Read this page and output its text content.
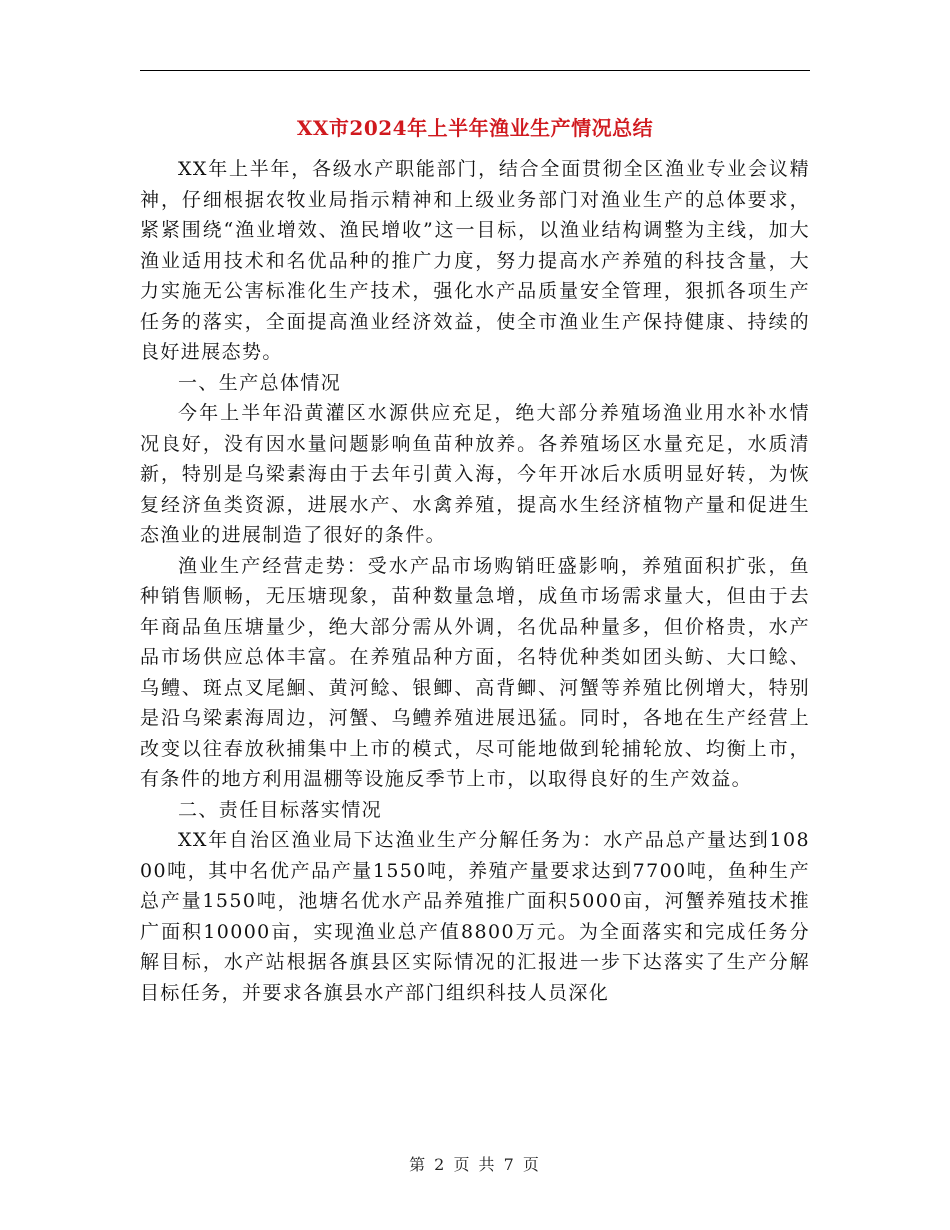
XX市2024年上半年渔业生产情况总结

XX年上半年，各级水产职能部门，结合全面贯彻全区渔业专业会议精神，仔细根据农牧业局指示精神和上级业务部门对渔业生产的总体要求，紧紧围绕“渔业增效、渔民增收”这一目标，以渔业结构调整为主线，加大渔业适用技术和名优品种的推广力度，努力提高水产养殖的科技含量，大力实施无公害标准化生产技术，强化水产品质量安全管理，狠抓各项生产任务的落实，全面提高渔业经济效益，使全市渔业生产保持健康、持续的良好进展态势。

一、生产总体情况

今年上半年沿黄灌区水源供应充足，绝大部分养殖场渔业用水补水情况良好，没有因水量问题影响鱼苗种放养。各养殖场区水量充足，水质清新，特别是乌梁素海由于去年引黄入海，今年开冰后水质明显好转，为恢复经济鱼类资源，进展水产、水禽养殖，提高水生经济植物产量和促进生态渔业的进展制造了很好的条件。

渔业生产经营走势：受水产品市场购销旺盛影响，养殖面积扩张，鱼种销售顺畅，无压塘现象，苗种数量急增，成鱼市场需求量大，但由于去年商品鱼压塘量少，绝大部分需从外调，名优品种量多，但价格贵，水产品市场供应总体丰富。在养殖品种方面，名特优种类如团头鲂、大口鲶、乌鳢、斑点叉尾鮰、黄河鲶、银鲫、高背鲫、河蟹等养殖比例增大，特别是沿乌梁素海周边，河蟹、乌鳢养殖进展迅猛。同时，各地在生产经营上改变以往春放秋捕集中上市的模式，尽可能地做到轮捕轮放、均衡上市，有条件的地方利用温棚等设施反季节上市，以取得良好的生产效益。

二、责任目标落实情况

XX年自治区渔业局下达渔业生产分解任务为：水产品总产量达到10800吨，其中名优产品产量1550吨，养殖产量要求达到7700吨，鱼种生产总产量1550吨，池塘名优水产品养殖推广面积5000亩，河蟹养殖技术推广面积10000亩，实现渔业总产值8800万元。为全面落实和完成任务分解目标，水产站根据各旗县区实际情况的汇报进一步下达落实了生产分解目标任务，并要求各旗县水产部门组织科技人员深化

第 2 页 共 7 页
